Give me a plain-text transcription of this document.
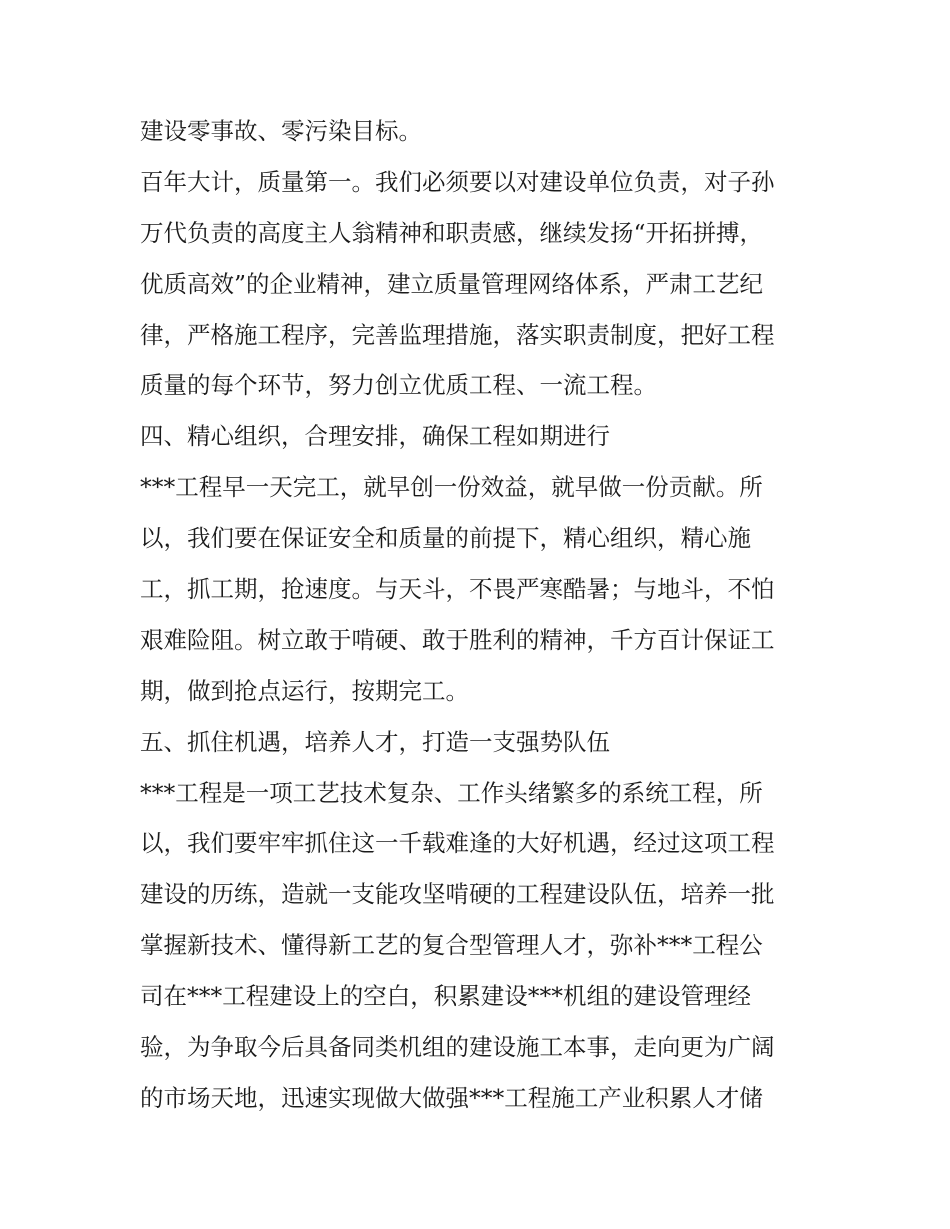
建设零事故、零污染目标。
百年大计，质量第一。我们必须要以对建设单位负责，对子孙
万代负责的高度主人翁精神和职责感，继续发扬“开拓拼搏，
优质高效”的企业精神，建立质量管理网络体系，严肃工艺纪
律，严格施工程序，完善监理措施，落实职责制度，把好工程
质量的每个环节，努力创立优质工程、一流工程。
四、精心组织，合理安排，确保工程如期进行
***工程早一天完工，就早创一份效益，就早做一份贡献。所
以，我们要在保证安全和质量的前提下，精心组织，精心施
工，抓工期，抢速度。与天斗，不畏严寒酷暑；与地斗，不怕
艰难险阻。树立敢于啃硬、敢于胜利的精神，千方百计保证工
期，做到抢点运行，按期完工。
五、抓住机遇，培养人才，打造一支强势队伍
***工程是一项工艺技术复杂、工作头绪繁多的系统工程，所
以，我们要牢牢抓住这一千载难逢的大好机遇，经过这项工程
建设的历练，造就一支能攻坚啃硬的工程建设队伍，培养一批
掌握新技术、懂得新工艺的复合型管理人才，弥补***工程公
司在***工程建设上的空白，积累建设***机组的建设管理经
验，为争取今后具备同类机组的建设施工本事，走向更为广阔
的市场天地，迅速实现做大做强***工程施工产业积累人才储
